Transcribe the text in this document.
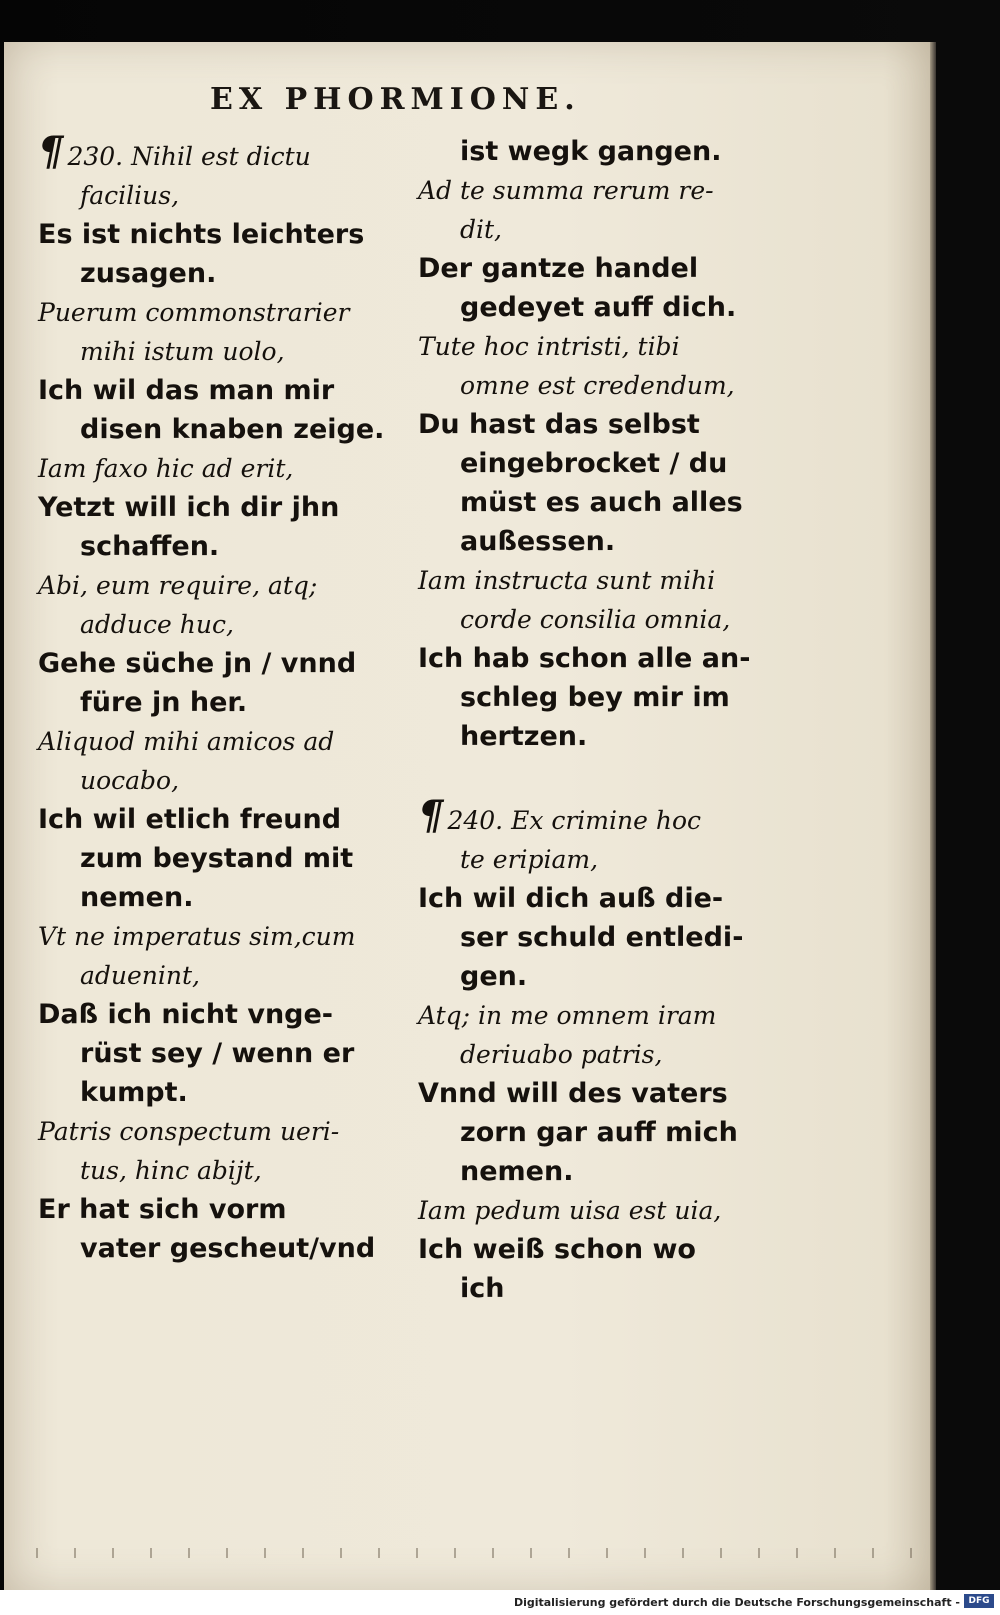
EX PHORMIONE.
¶ 230. Nihil est dictu
facilius,
Es ist nichts leichters
zusagen.
Puerum commonstrarier
mihi istum uolo,
Ich wil das man mir
disen knaben zeige.
Iam faxo hic ad erit,
Yetzt will ich dir jhn
schaffen.
Abi, eum require, atq;
adduce huc,
Gehe süche jn / vnnd
füre jn her.
Aliquod mihi amicos ad
uocabo,
Ich wil etlich freund
zum beystand mit
nemen.
Vt ne imperatus sim,cum
aduenint,
Daß ich nicht vnge-
rüst sey / wenn er
kumpt.
Patris conspectum ueri-
tus, hinc abijt,
Er hat sich vorm
vater gescheut/vnd
ist wegk gangen.
Ad te summa rerum re-
dit,
Der gantze handel
gedeyet auff dich.
Tute hoc intristi, tibi
omne est credendum,
Du hast das selbst
eingebrocket / du
müst es auch alles
außessen.
Iam instructa sunt mihi
corde consilia omnia,
Ich hab schon alle an-
schleg bey mir im
hertzen.
¶ 240. Ex crimine hoc
te eripiam,
Ich wil dich auß die-
ser schuld entledi-
gen.
Atq; in me omnem iram
deriuabo patris,
Vnnd will des vaters
zorn gar auff mich
nemen.
Iam pedum uisa est uia,
Ich weiß schon wo
ich
Digitalisierung gefördert durch die Deutsche Forschungsgemeinschaft - DFG
